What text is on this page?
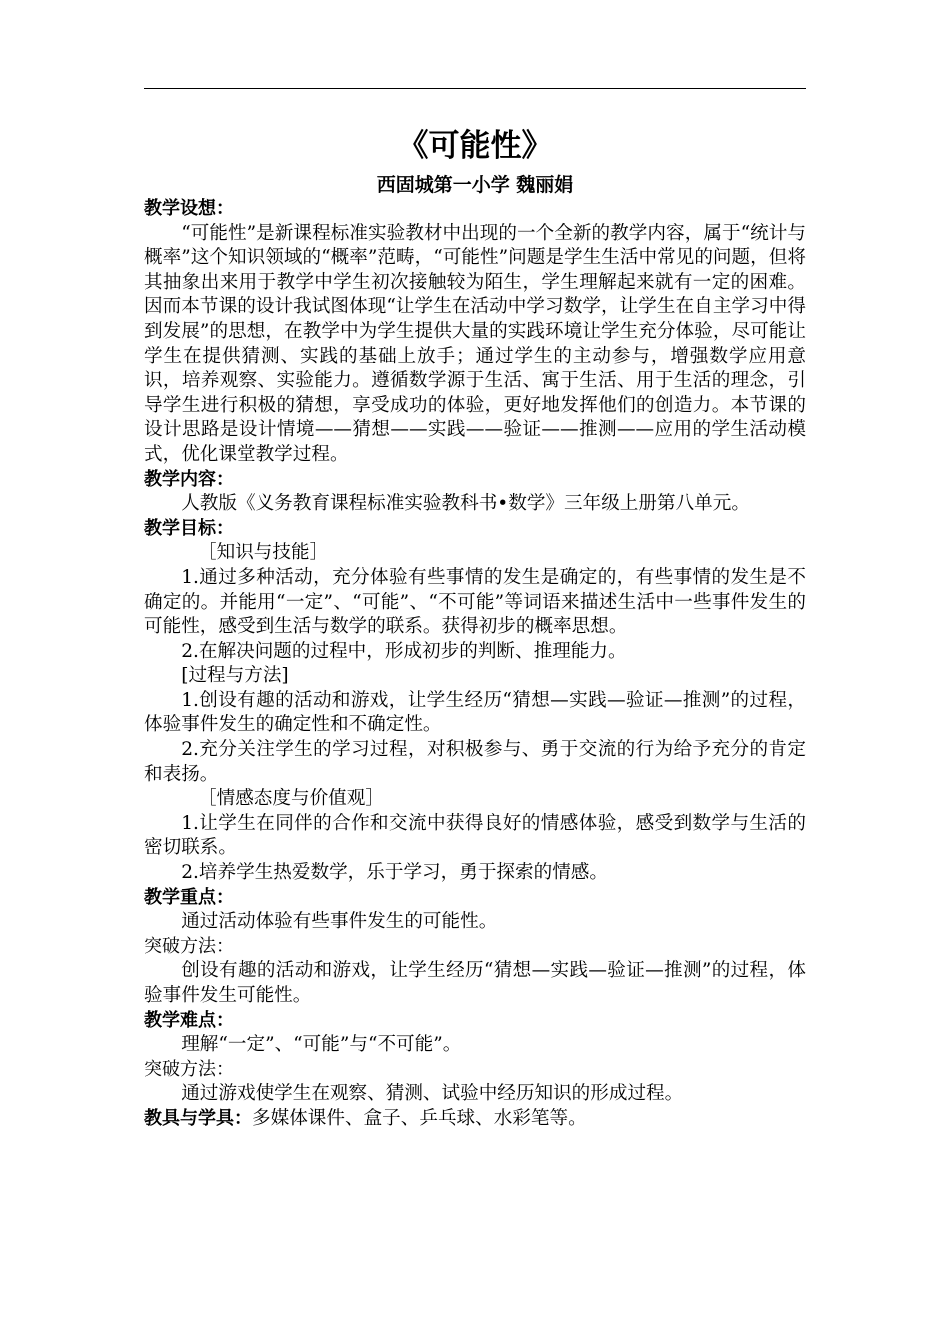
《可能性》
西固城第一小学 魏丽娟

教学设想：

“可能性”是新课程标准实验教材中出现的一个全新的教学内容，属于“统计与概率”这个知识领域的“概率”范畴，“可能性”问题是学生生活中常见的问题，但将其抽象出来用于教学中学生初次接触较为陌生，学生理解起来就有一定的困难。因而本节课的设计我试图体现“让学生在活动中学习数学，让学生在自主学习中得到发展”的思想，在教学中为学生提供大量的实践环境让学生充分体验，尽可能让学生在提供猜测、实践的基础上放手；通过学生的主动参与，增强数学应用意识，培养观察、实验能力。遵循数学源于生活、寓于生活、用于生活的理念，引导学生进行积极的猜想，享受成功的体验，更好地发挥他们的创造力。本节课的设计思路是设计情境——猜想——实践——验证——推测——应用的学生活动模式，优化课堂教学过程。

教学内容：

人教版《义务教育课程标准实验教科书•数学》三年级上册第八单元。

教学目标：

［知识与技能］

1.通过多种活动，充分体验有些事情的发生是确定的，有些事情的发生是不确定的。并能用“一定”、“可能”、“不可能”等词语来描述生活中一些事件发生的可能性，感受到生活与数学的联系。获得初步的概率思想。

2.在解决问题的过程中，形成初步的判断、推理能力。

[过程与方法]

1.创设有趣的活动和游戏，让学生经历“猜想—实践—验证—推测”的过程，体验事件发生的确定性和不确定性。

2.充分关注学生的学习过程，对积极参与、勇于交流的行为给予充分的肯定和表扬。

［情感态度与价值观］

1.让学生在同伴的合作和交流中获得良好的情感体验，感受到数学与生活的密切联系。

2.培养学生热爱数学，乐于学习，勇于探索的情感。

教学重点：

通过活动体验有些事件发生的可能性。

突破方法：

创设有趣的活动和游戏，让学生经历“猜想—实践—验证—推测”的过程，体验事件发生可能性。

教学难点：

理解“一定”、“可能”与“不可能”。

突破方法：

通过游戏使学生在观察、猜测、试验中经历知识的形成过程。

教具与学具：多媒体课件、盒子、乒乓球、水彩笔等。
